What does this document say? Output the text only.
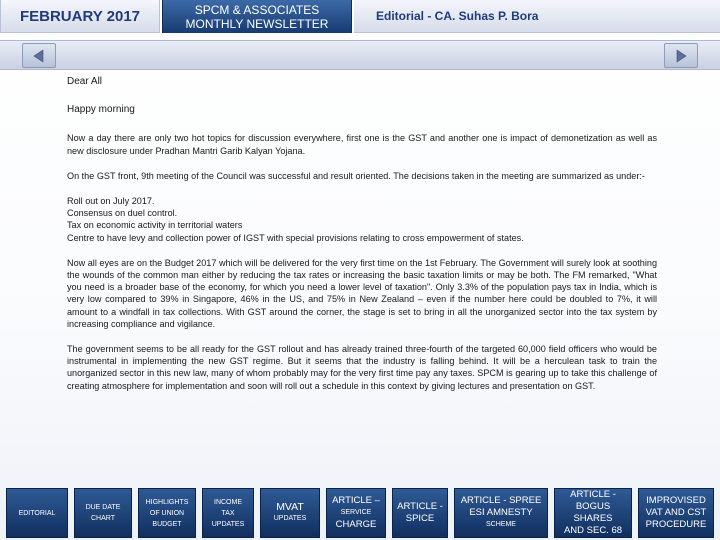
FEBRUARY 2017	SPCM & ASSOCIATES
MONTHLY NEWSLETTER
Editorial - CA. Suhas P. Bora

Dear All

Happy morning

Now a day there are only two hot topics for discussion everywhere, first one is the GST and another one is impact of demonetization as well as new disclosure under Pradhan Mantri Garib Kalyan Yojana.

On the GST front, 9th meeting of the Council was successful and result oriented. The decisions taken in the meeting are summarized as under:-

Roll out on July 2017.

Consensus on duel control.

Tax on economic activity in territorial waters

Centre to have levy and collection power of IGST with special provisions relating to cross empowerment of states.

Now all eyes are on the Budget 2017 which will be delivered for the very first time on the 1st February. The Government will surely look at soothing the wounds of the common man either by reducing the tax rates or increasing the basic taxation limits or may be both. The FM remarked, "What you need is a broader base of the economy, for which you need a lower level of taxation". Only 3.3% of the population pays tax in India, which is very low compared to 39% in Singapore, 46% in the US, and 75% in New Zealand – even if the number here could be doubled to 7%, it will amount to a windfall in tax collections. With GST around the corner, the stage is set to bring in all the unorganized sector into the tax system by increasing compliance and vigilance.

The government seems to be all ready for the GST rollout and has already trained three-fourth of the targeted 60,000 field officers who would be instrumental in implementing the new GST regime. But it seems that the industry is falling behind. It will be a herculean task to train the unorganized sector in this new law, many of whom probably may for the very first time pay any taxes. SPCM is gearing up to take this challenge of creating atmosphere for implementation and soon will roll out a schedule in this context by giving lectures and presentation on GST.

EDITORIAL
DUE DATE
CHART
HIGHLIGHTS
OF UNION
BUDGET
INCOME
TAX
UPDATES
MVAT
UPDATES
ARTICLE –
SERVICE
CHARGE
ARTICLE -
SPICE
ARTICLE - SPREE
ESI AMNESTY
SCHEME
ARTICLE -
BOGUS SHARES
AND SEC. 68
IMPROVISED
VAT AND CST
PROCEDURE
